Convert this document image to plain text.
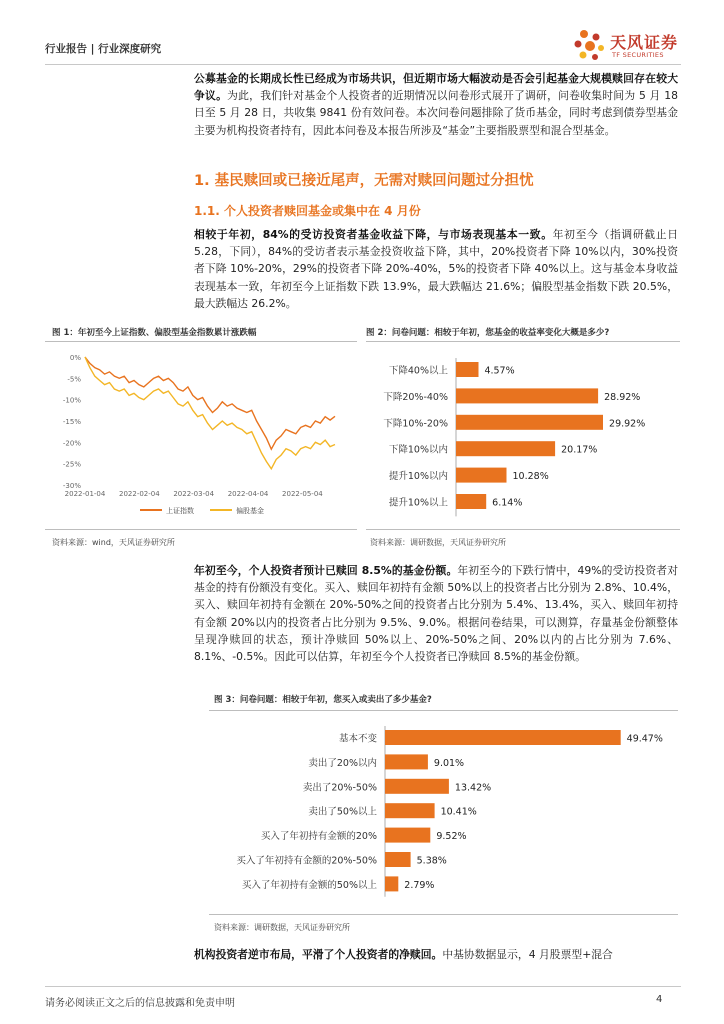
行业报告 | 行业深度研究	天风证券
TF SECURITIES
公募基金的长期成长性已经成为市场共识，但近期市场大幅波动是否会引起基金大规模赎回存在较大争议。为此，我们针对基金个人投资者的近期情况以问卷形式展开了调研，问卷收集时间为 5 月 18 日至 5 月 28 日，共收集 9841 份有效问卷。本次问卷问题排除了货币基金，同时考虑到债券型基金主要为机构投资者持有，因此本问卷及本报告所涉及“基金”主要指股票型和混合型基金。
1. 基民赎回或已接近尾声，无需对赎回问题过分担忧
1.1. 个人投资者赎回基金或集中在 4 月份
相较于年初，84%的受访投资者基金收益下降，与市场表现基本一致。年初至今（指调研截止日 5.28，下同），84%的受访者表示基金投资收益下降，其中，20%投资者下降 10%以内，30%投资者下降 10%-20%，29%的投资者下降 20%-40%，5%的投资者下降 40%以上。这与基金本身收益表现基本一致，年初至今上证指数下跌 13.9%，最大跌幅达 21.6%；偏股型基金指数下跌 20.5%，最大跌幅达 26.2%。
图 1：年初至今上证指数、偏股型基金指数累计涨跌幅
0%
-5%
-10%
-15%
-20%
-25%
-30%
2022-01-04 2022-02-04 2022-03-04 2022-04-04 2022-05-04
上证指数	偏股基金
资料来源：wind，天风证券研究所
图 2：问卷问题：相较于年初，您基金的收益率变化大概是多少?
下降40%以上	4.57%
下降20%-40%	28.92%
下降10%-20%	29.92%
下降10%以内	20.17%
提升10%以内	10.28%
提升10%以上	6.14%
资料来源：调研数据，天风证券研究所
年初至今，个人投资者预计已赎回 8.5%的基金份额。年初至今的下跌行情中，49%的受访投资者对基金的持有份额没有变化。买入、赎回年初持有金额 50%以上的投资者占比分别为 2.8%、10.4%，买入、赎回年初持有金额在 20%-50%之间的投资者占比分别为 5.4%、13.4%，买入、赎回年初持有金额 20%以内的投资者占比分别为 9.5%、9.0%。根据问卷结果，可以测算，存量基金份额整体呈现净赎回的状态，预计净赎回 50%以上、20%-50%之间、20%以内的占比分别为 7.6%、8.1%、-0.5%。因此可以估算，年初至今个人投资者已净赎回 8.5%的基金份额。
图 3：问卷问题：相较于年初，您买入或卖出了多少基金?
基本不变	49.47%
卖出了20%以内	9.01%
卖出了20%-50%	13.42%
卖出了50%以上	10.41%
买入了年初持有金额的20%	9.52%
买入了年初持有金额的20%-50%	5.38%
买入了年初持有金额的50%以上	2.79%
资料来源：调研数据，天风证券研究所
机构投资者逆市布局，平滑了个人投资者的净赎回。中基协数据显示，4 月股票型+混合
请务必阅读正文之后的信息披露和免责申明	4
